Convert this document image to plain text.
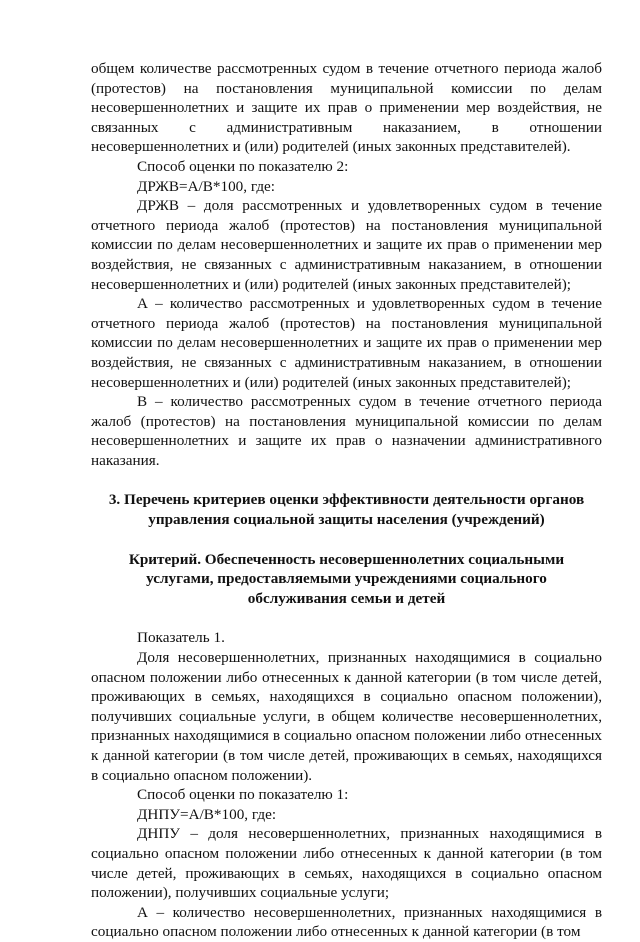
общем количестве рассмотренных судом в течение отчетного периода жалоб (протестов) на постановления муниципальной комиссии по делам несовершеннолетних и защите их прав о применении мер воздействия, не связанных с административным наказанием, в отношении несовершеннолетних и (или) родителей (иных законных представителей).

Способ оценки по показателю 2:

ДРЖВ=А/В*100, где:

ДРЖВ – доля рассмотренных и удовлетворенных судом в течение отчетного периода жалоб (протестов) на постановления муниципальной комиссии по делам несовершеннолетних и защите их прав о применении мер воздействия, не связанных с административным наказанием, в отношении несовершеннолетних и (или) родителей (иных законных представителей);

А – количество рассмотренных и удовлетворенных судом в течение отчетного периода жалоб (протестов) на постановления муниципальной комиссии по делам несовершеннолетних и защите их прав о применении мер воздействия, не связанных с административным наказанием, в отношении несовершеннолетних и (или) родителей (иных законных представителей);

В – количество рассмотренных судом в течение отчетного периода жалоб (протестов) на постановления муниципальной комиссии по делам несовершеннолетних и защите их прав о назначении административного наказания.

3. Перечень критериев оценки эффективности деятельности органов управления социальной защиты населения (учреждений)

Критерий. Обеспеченность несовершеннолетних социальными услугами, предоставляемыми учреждениями социального обслуживания семьи и детей

Показатель 1.

Доля несовершеннолетних, признанных находящимися в социально опасном положении либо отнесенных к данной категории (в том числе детей, проживающих в семьях, находящихся в социально опасном положении), получивших социальные услуги, в общем количестве несовершеннолетних, признанных находящимися в социально опасном положении либо отнесенных к данной категории (в том числе детей, проживающих в семьях, находящихся в социально опасном положении).

Способ оценки по показателю 1:

ДНПУ=А/В*100, где:

ДНПУ – доля несовершеннолетних, признанных находящимися в социально опасном положении либо отнесенных к данной категории (в том числе детей, проживающих в семьях, находящихся в социально опасном положении), получивших социальные услуги;

А – количество несовершеннолетних, признанных находящимися в социально опасном положении либо отнесенных к данной категории (в том
